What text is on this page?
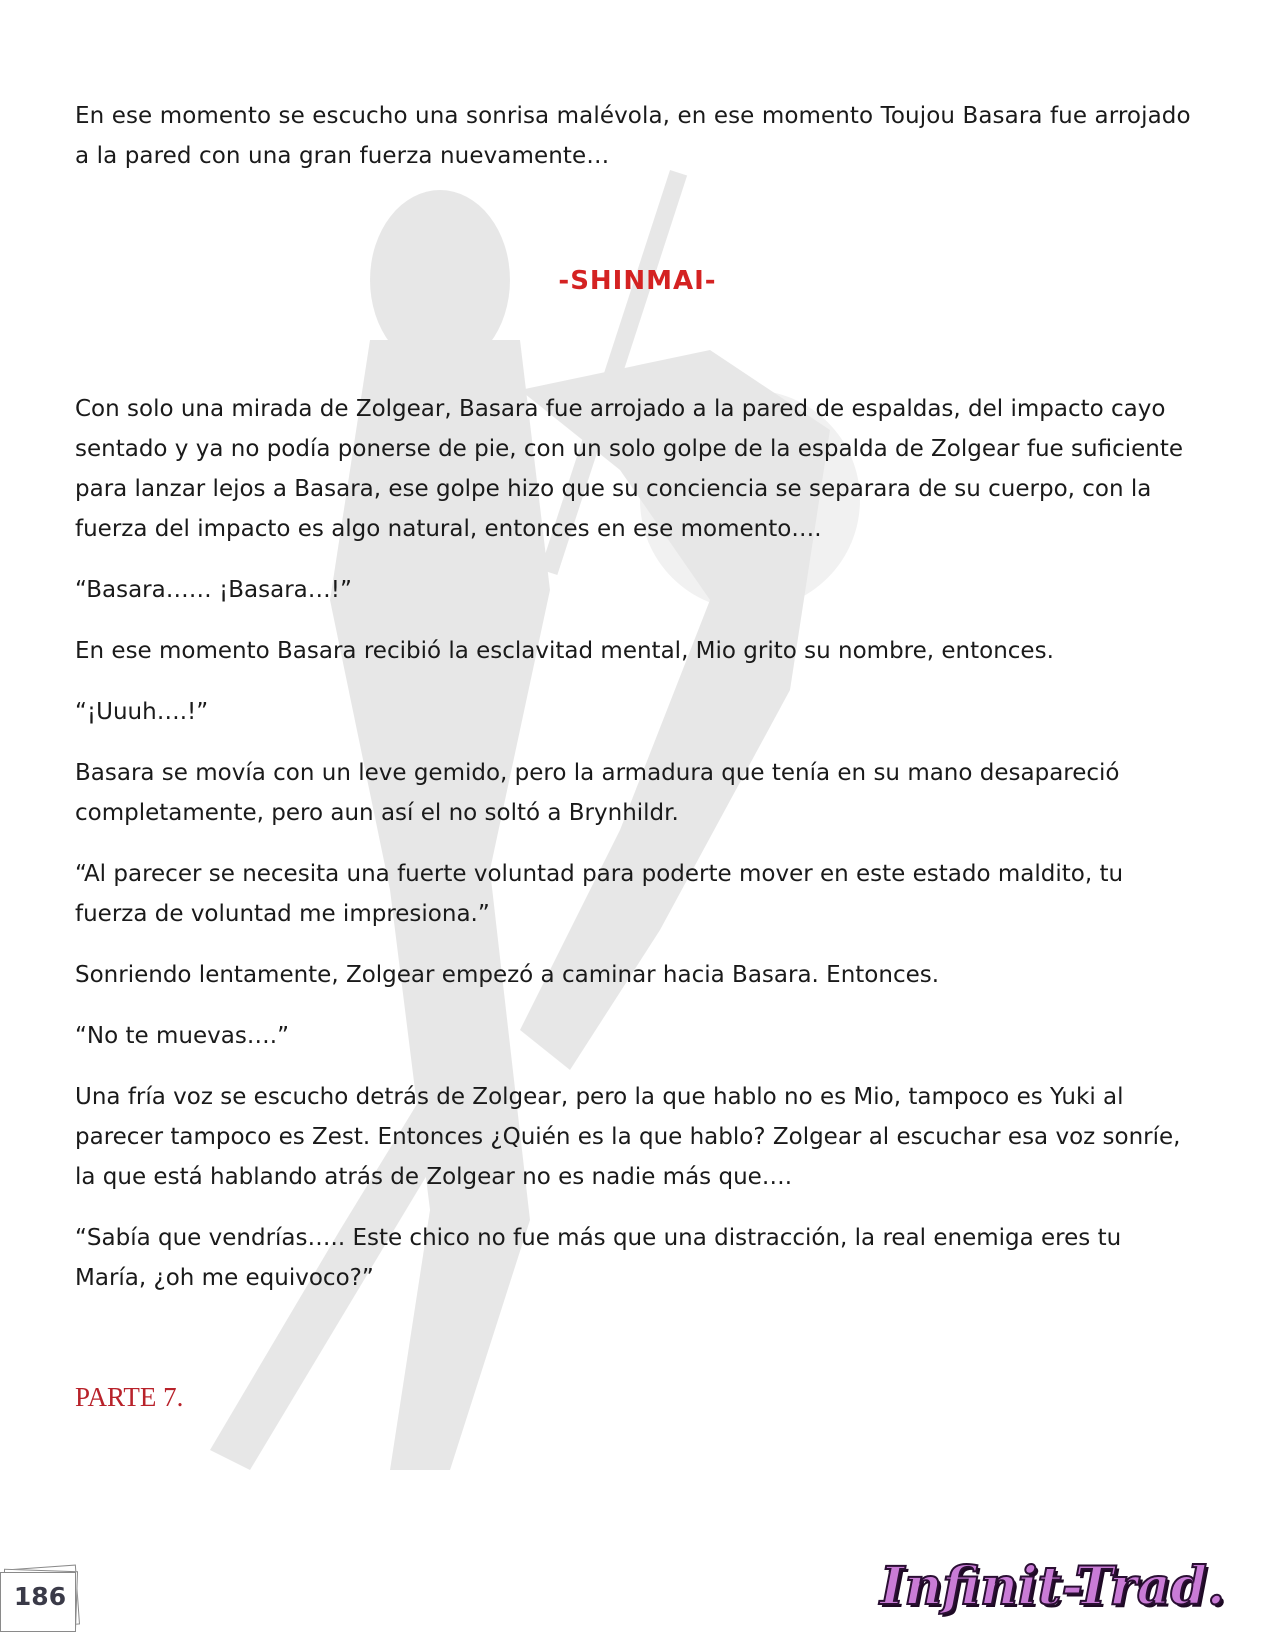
En ese momento se escucho una sonrisa malévola, en ese momento Toujou Basara fue arrojado a la pared con una gran fuerza nuevamente…

-SHINMAI-

Con solo una mirada de Zolgear, Basara fue arrojado a la pared de espaldas, del impacto cayo sentado y ya no podía ponerse de pie, con un solo golpe de la espalda de Zolgear fue suficiente para lanzar lejos a Basara, ese golpe hizo que su conciencia se separara de su cuerpo, con la fuerza del impacto es algo natural, entonces en ese momento….

“Basara…… ¡Basara…!”

En ese momento Basara recibió la esclavitad mental, Mio grito su nombre, entonces.

“¡Uuuh….!”

Basara se movía con un leve gemido, pero la armadura que tenía en su mano desapareció completamente, pero aun así el no soltó a Brynhildr.

“Al parecer se necesita una fuerte voluntad para poderte mover en este estado maldito, tu fuerza de voluntad me impresiona.”

Sonriendo lentamente, Zolgear empezó a caminar hacia Basara. Entonces.

“No te muevas….”

Una fría voz se escucho detrás de Zolgear, pero la que hablo no es Mio, tampoco es Yuki al parecer tampoco es Zest. Entonces ¿Quién es la que hablo? Zolgear al escuchar esa voz sonríe, la que está hablando atrás de Zolgear no es nadie más que….

“Sabía que vendrías….. Este chico no fue más que una distracción, la real enemiga eres tu María, ¿oh me equivoco?”

PARTE 7.
186	Infinit-Trad.
